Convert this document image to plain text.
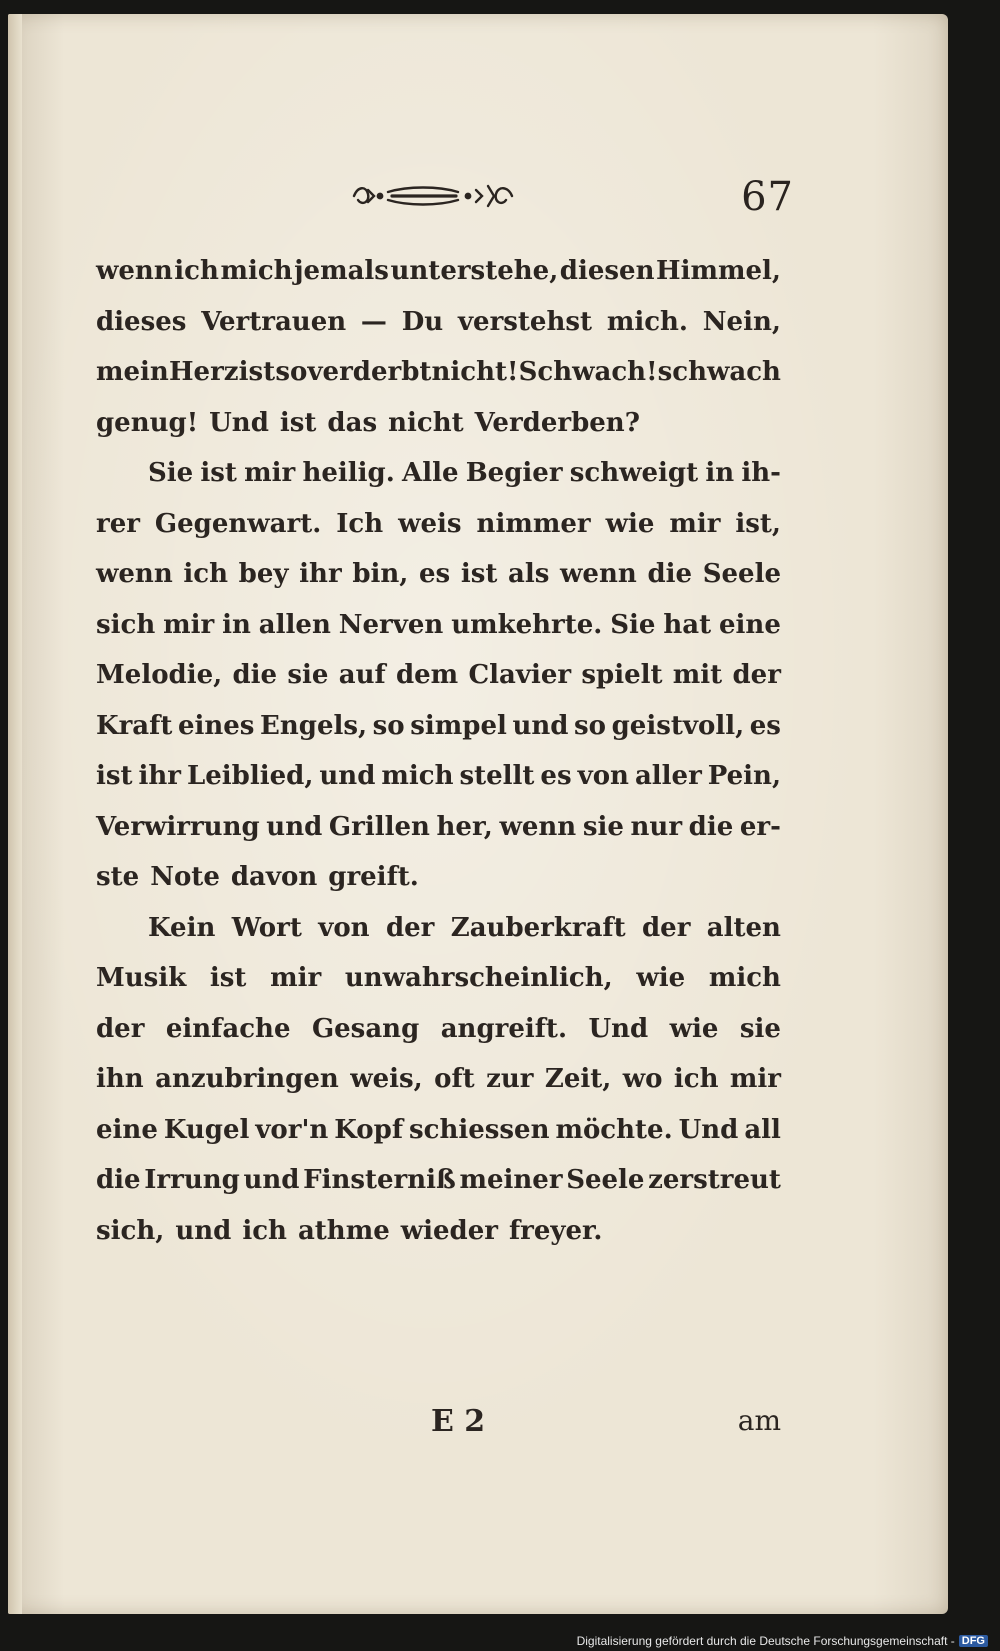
67
wenn ich mich jemals unterstehe, diesen Himmel,
dieses Vertrauen — Du verstehst mich. Nein,
mein Herz ist so verderbt nicht! Schwach! schwach
genug! Und ist das nicht Verderben?
Sie ist mir heilig. Alle Begier schweigt in ih-
rer Gegenwart. Ich weis nimmer wie mir ist,
wenn ich bey ihr bin, es ist als wenn die Seele
sich mir in allen Nerven umkehrte. Sie hat eine
Melodie, die sie auf dem Clavier spielt mit der
Kraft eines Engels, so simpel und so geistvoll, es
ist ihr Leiblied, und mich stellt es von aller Pein,
Verwirrung und Grillen her, wenn sie nur die er-
ste Note davon greift.
Kein Wort von der Zauberkraft der alten
Musik ist mir unwahrscheinlich, wie mich
der einfache Gesang angreift. Und wie sie
ihn anzubringen weis, oft zur Zeit, wo ich mir
eine Kugel vor'n Kopf schiessen möchte. Und all
die Irrung und Finsterniß meiner Seele zerstreut
sich, und ich athme wieder freyer.
E 2	am
Digitalisierung gefördert durch die Deutsche Forschungsgemeinschaft - DFG
